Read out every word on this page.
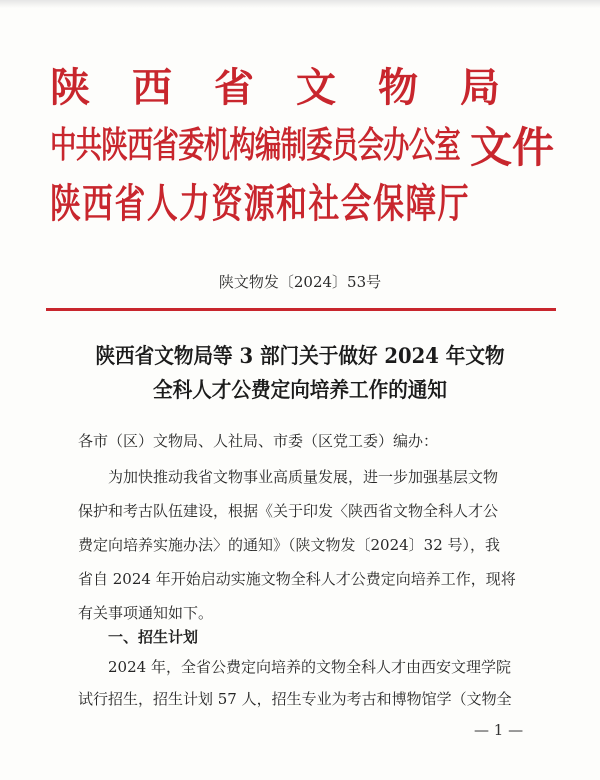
陕西省文物局
中共陕西省委机构编制委员会办公室 文件
陕西省人力资源和社会保障厅
陕文物发〔2024〕53号
陕西省文物局等 3 部门关于做好 2024 年文物
全科人才公费定向培养工作的通知
各市（区）文物局、人社局、市委（区党工委）编办：
为加快推动我省文物事业高质量发展，进一步加强基层文物
保护和考古队伍建设，根据《关于印发〈陕西省文物全科人才公
费定向培养实施办法〉的通知》（陕文物发〔2024〕32 号），我
省自 2024 年开始启动实施文物全科人才公费定向培养工作，现将
有关事项通知如下。
一、招生计划
2024 年，全省公费定向培养的文物全科人才由西安文理学院
试行招生，招生计划 57 人，招生专业为考古和博物馆学（文物全
— 1 —
